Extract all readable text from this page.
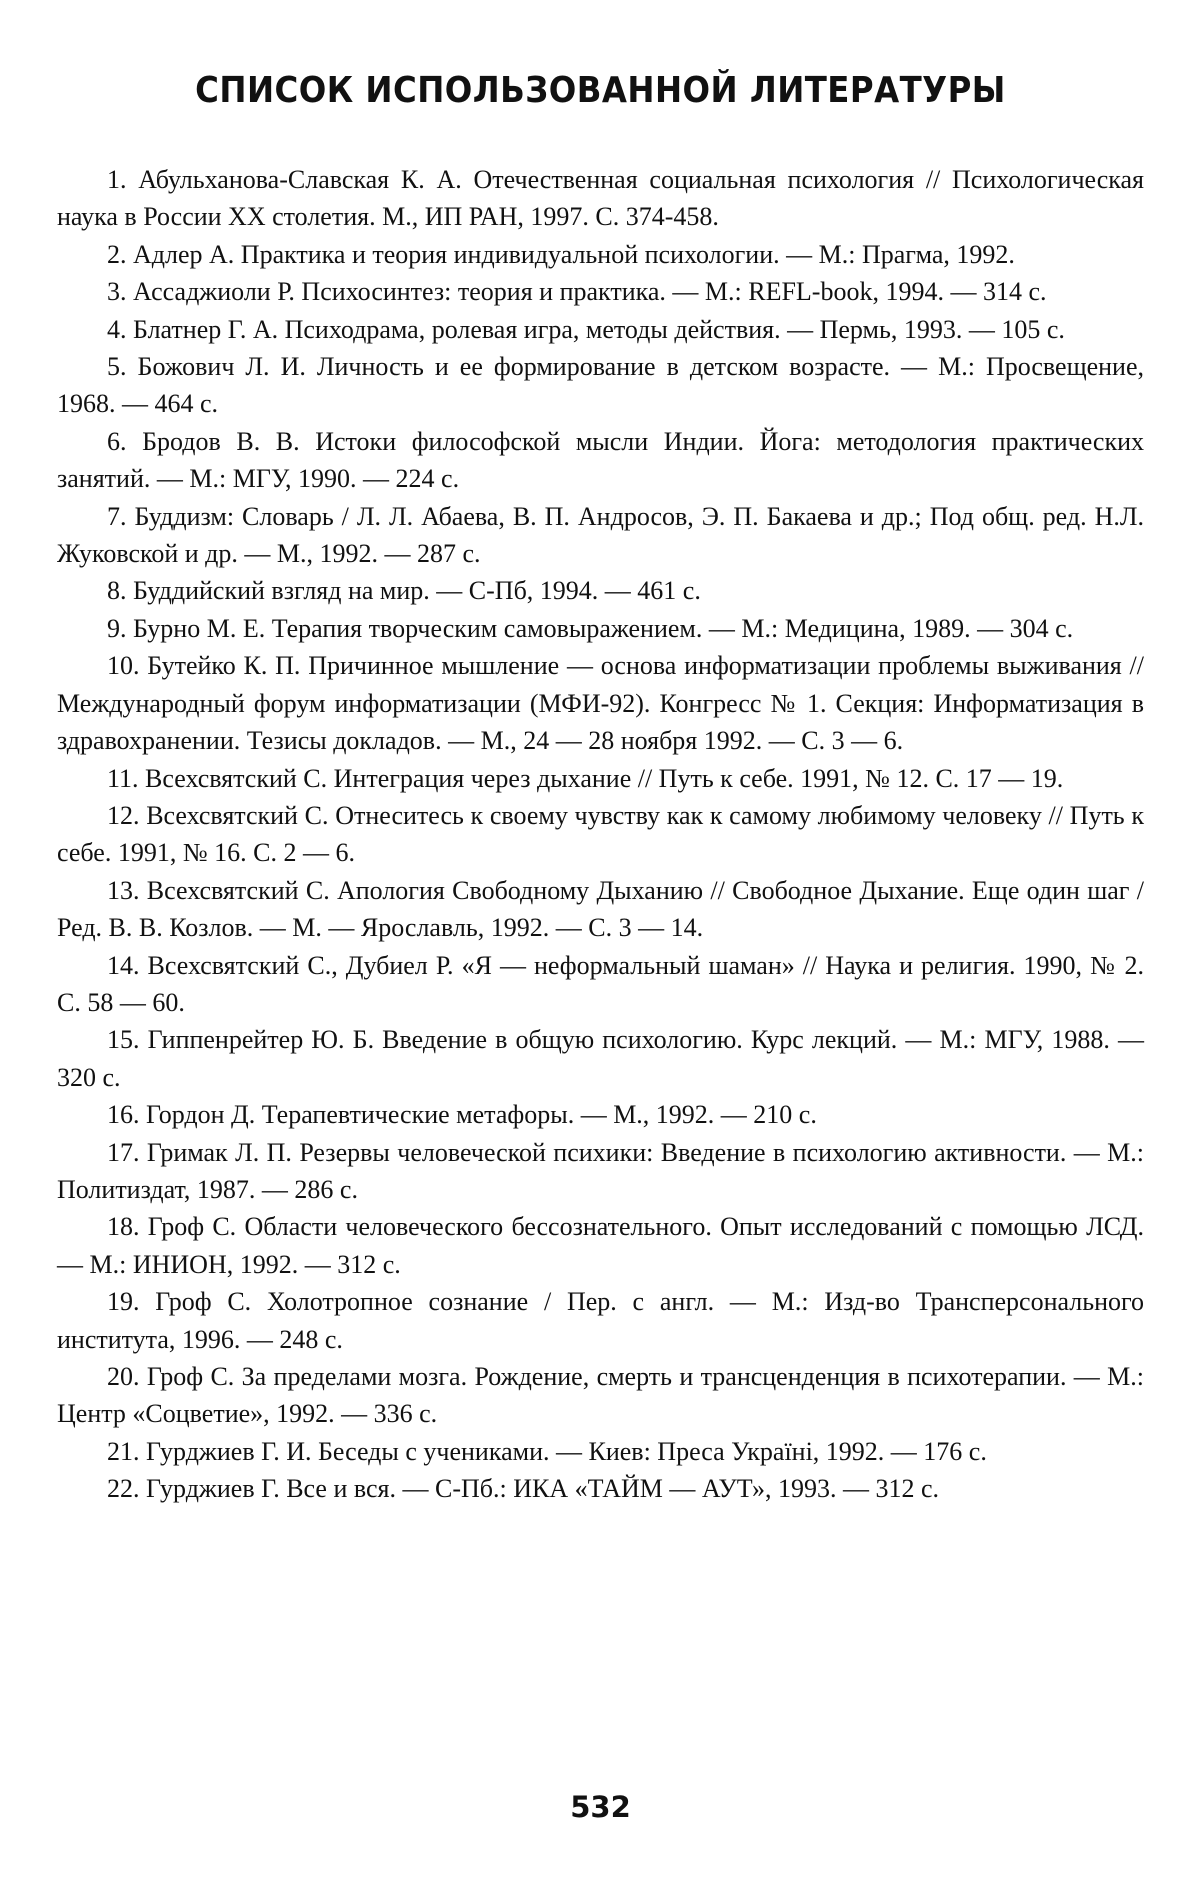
СПИСОК ИСПОЛЬЗОВАННОЙ ЛИТЕРАТУРЫ
1. Абульханова-Славская К. А. Отечественная социальная психология // Психологическая наука в России XX столетия. М., ИП РАН, 1997. С. 374-458.
2. Адлер А. Практика и теория индивидуальной психологии. — М.: Прагма, 1992.
3. Ассаджиоли Р. Психосинтез: теория и практика. — М.: REFL-book, 1994. — 314 с.
4. Блатнер Г. А. Психодрама, ролевая игра, методы действия. — Пермь, 1993. — 105 с.
5. Божович Л. И. Личность и ее формирование в детском возрасте. — М.: Просвещение, 1968. — 464 с.
6. Бродов В. В. Истоки философской мысли Индии. Йога: методология практических занятий. — М.: МГУ, 1990. — 224 с.
7. Буддизм: Словарь / Л. Л. Абаева, В. П. Андросов, Э. П. Бакаева и др.; Под общ. ред. Н.Л. Жуковской и др. — М., 1992. — 287 с.
8. Буддийский взгляд на мир. — С-Пб, 1994. — 461 с.
9. Бурно М. Е. Терапия творческим самовыражением. — М.: Медицина, 1989. — 304 с.
10. Бутейко К. П. Причинное мышление — основа информатизации проблемы выживания // Международный форум информатизации (МФИ-92). Конгресс № 1. Секция: Информатизация в здравохранении. Тезисы докладов. — М., 24 — 28 ноября 1992. — С. 3 — 6.
11. Всехсвятский С. Интеграция через дыхание // Путь к себе. 1991, № 12. С. 17 — 19.
12. Всехсвятский С. Отнеситесь к своему чувству как к самому любимому человеку // Путь к себе. 1991, № 16. С. 2 — 6.
13. Всехсвятский С. Апология Свободному Дыханию // Свободное Дыхание. Еще один шаг / Ред. В. В. Козлов. — М. — Ярославль, 1992. — С. 3 — 14.
14. Всехсвятский С., Дубиел Р. «Я — неформальный шаман» // Наука и религия. 1990, № 2. С. 58 — 60.
15. Гиппенрейтер Ю. Б. Введение в общую психологию. Курс лекций. — М.: МГУ, 1988. — 320 с.
16. Гордон Д. Терапевтические метафоры. — М., 1992. — 210 с.
17. Гримак Л. П. Резервы человеческой психики: Введение в психологию активности. — М.: Политиздат, 1987. — 286 с.
18. Гроф С. Области человеческого бессознательного. Опыт исследований с помощью ЛСД. — М.: ИНИОН, 1992. — 312 с.
19. Гроф С. Холотропное сознание / Пер. с англ. — М.: Изд-во Трансперсонального института, 1996. — 248 с.
20. Гроф С. За пределами мозга. Рождение, смерть и трансценденция в психотерапии. — М.: Центр «Соцветие», 1992. — 336 с.
21. Гурджиев Г. И. Беседы с учениками. — Киев: Преса Україні, 1992. — 176 с.
22. Гурджиев Г. Все и вся. — С-Пб.: ИКА «ТАЙМ — АУТ», 1993. — 312 с.
532
